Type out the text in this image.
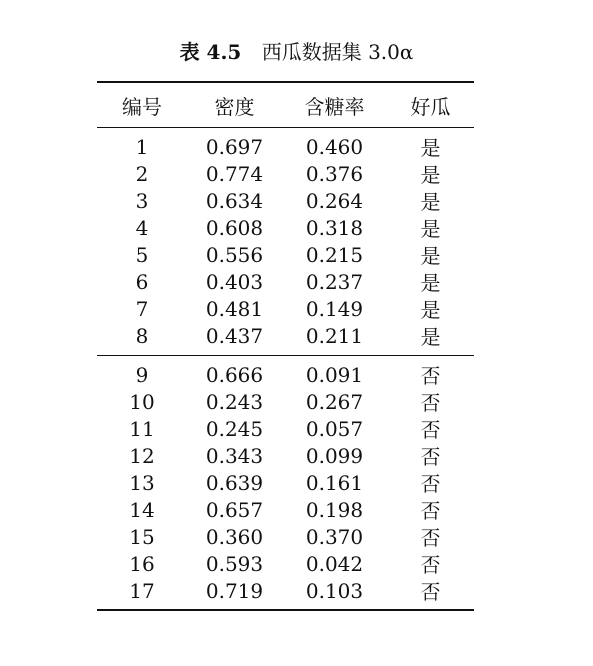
表 4.5 西瓜数据集 3.0α
编号	密度	含糖率	好瓜
1	0.697	0.460	是
2	0.774	0.376	是
3	0.634	0.264	是
4	0.608	0.318	是
5	0.556	0.215	是
6	0.403	0.237	是
7	0.481	0.149	是
8	0.437	0.211	是
9	0.666	0.091	否
10	0.243	0.267	否
11	0.245	0.057	否
12	0.343	0.099	否
13	0.639	0.161	否
14	0.657	0.198	否
15	0.360	0.370	否
16	0.593	0.042	否
17	0.719	0.103	否
